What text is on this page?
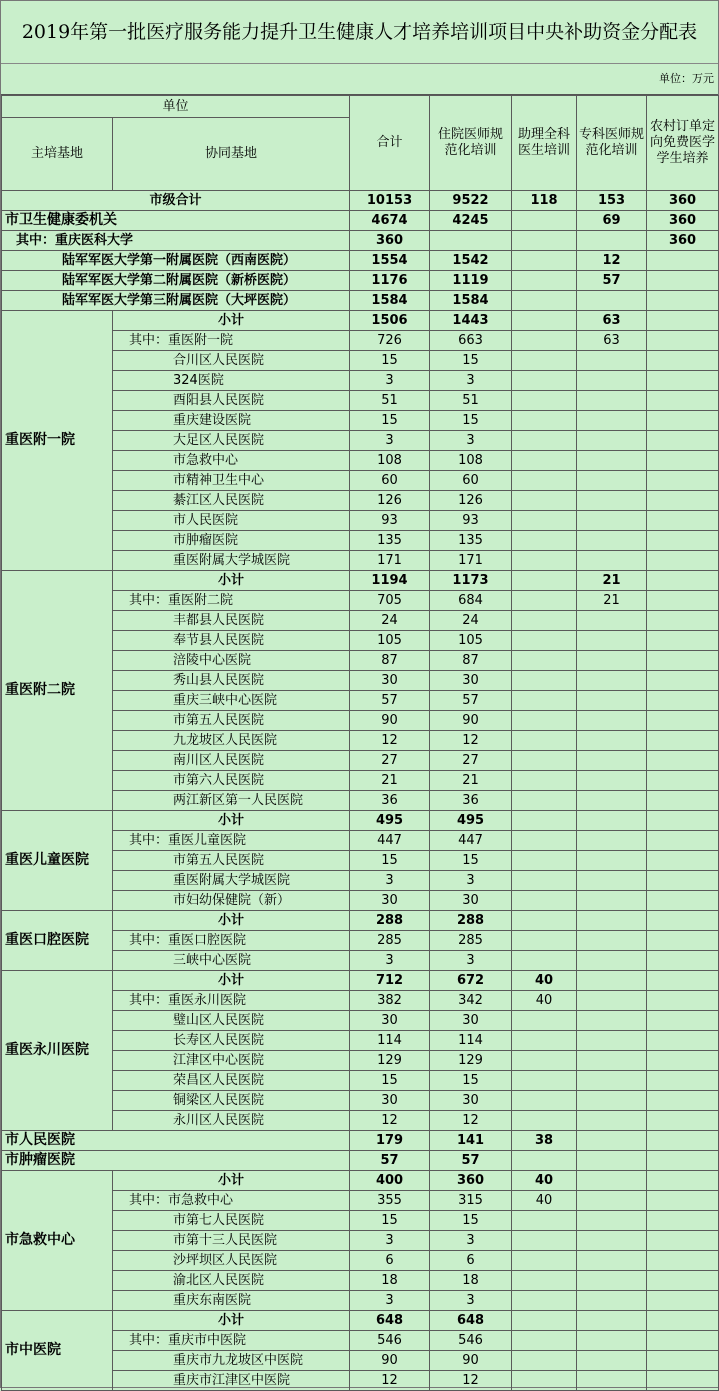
2019年第一批医疗服务能力提升卫生健康人才培养培训项目中央补助资金分配表
单位：万元
单位		合计	住院医师规范化培训	助理全科医生培训	专科医师规范化培训	农村订单定向免费医学学生培养
主培基地	协同基地					
市级合计		10153	9522	118	153	360
市卫生健康委机关		4674	4245		69	360
其中：重庆医科大学		360				360
陆军军医大学第一附属医院（西南医院）		1554	1542		12	
陆军军医大学第二附属医院（新桥医院）		1176	1119		57	
陆军军医大学第三附属医院（大坪医院）		1584	1584			
重医附一院	小计	1506	1443		63	
	其中：重医附一院	726	663		63	
	合川区人民医院	15	15			
	324医院	3	3			
	酉阳县人民医院	51	51			
	重庆建设医院	15	15			
	大足区人民医院	3	3			
	市急救中心	108	108			
	市精神卫生中心	60	60			
	綦江区人民医院	126	126			
	市人民医院	93	93			
	市肿瘤医院	135	135			
	重医附属大学城医院	171	171			
重医附二院	小计	1194	1173		21	
	其中：重医附二院	705	684		21	
	丰都县人民医院	24	24			
	奉节县人民医院	105	105			
	涪陵中心医院	87	87			
	秀山县人民医院	30	30			
	重庆三峡中心医院	57	57			
	市第五人民医院	90	90			
	九龙坡区人民医院	12	12			
	南川区人民医院	27	27			
	市第六人民医院	21	21			
	两江新区第一人民医院	36	36			
重医儿童医院	小计	495	495			
	其中：重医儿童医院	447	447			
	市第五人民医院	15	15			
	重医附属大学城医院	3	3			
	市妇幼保健院（新）	30	30			
重医口腔医院	小计	288	288			
	其中：重医口腔医院	285	285			
	三峡中心医院	3	3			
重医永川医院	小计	712	672	40		
	其中：重医永川医院	382	342	40		
	璧山区人民医院	30	30			
	长寿区人民医院	114	114			
	江津区中心医院	129	129			
	荣昌区人民医院	15	15			
	铜梁区人民医院	30	30			
	永川区人民医院	12	12			
市人民医院		179	141	38		
市肿瘤医院		57	57			
市急救中心	小计	400	360	40		
	其中：市急救中心	355	315	40		
	市第七人民医院	15	15			
	市第十三人民医院	3	3			
	沙坪坝区人民医院	6	6			
	渝北区人民医院	18	18			
	重庆东南医院	3	3			
市中医院	小计	648	648			
	其中：重庆市中医院	546	546			
	重庆市九龙坡区中医院	90	90			
	重庆市江津区中医院	12	12			
